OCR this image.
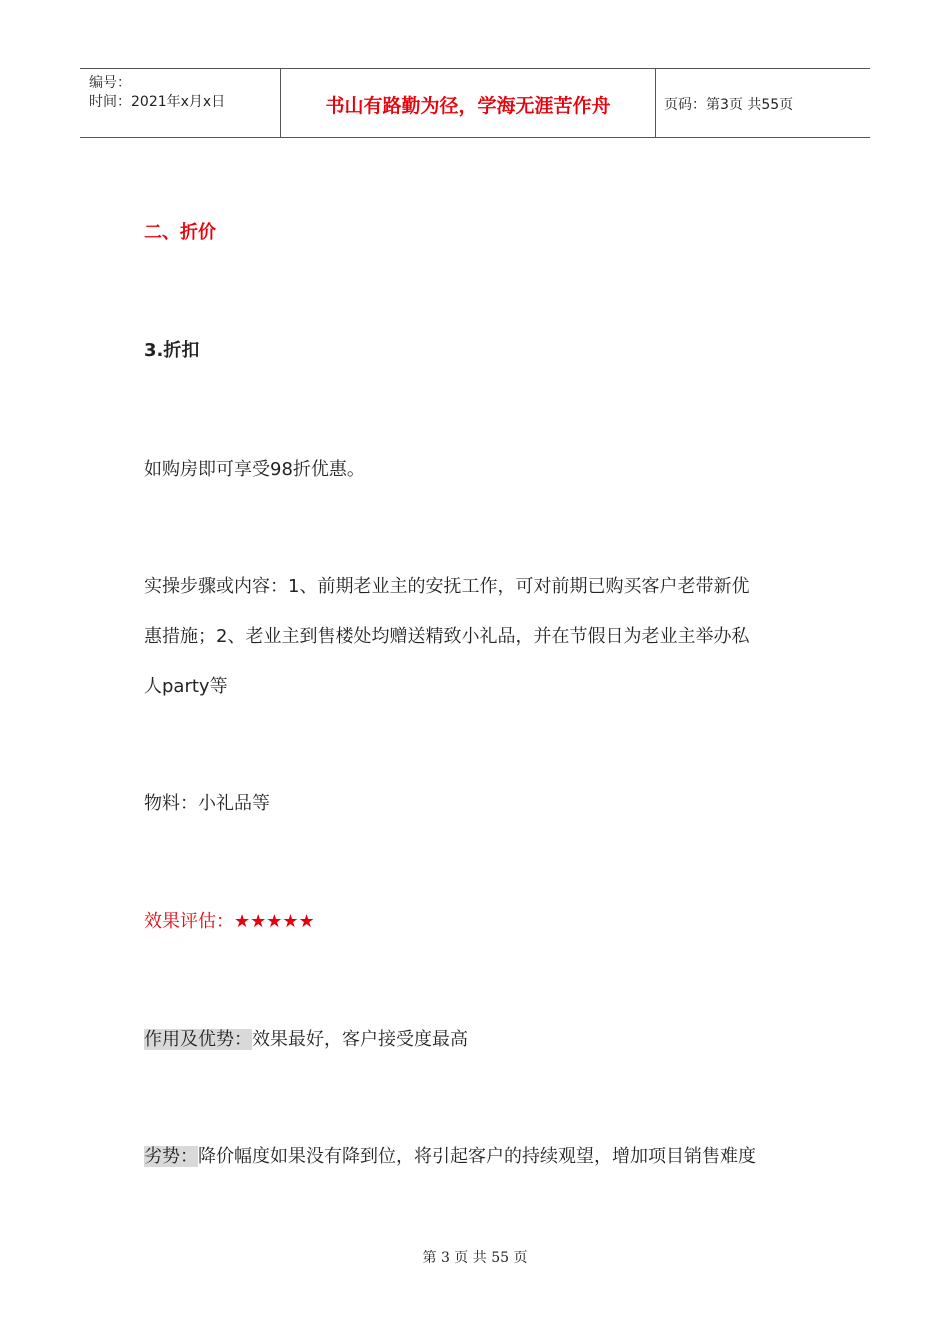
编号：
时间：2021年x月x日	书山有路勤为径，学海无涯苦作舟	页码：第3页 共55页
二、折价
3.折扣
如购房即可享受98折优惠。
实操步骤或内容：1、前期老业主的安抚工作，可对前期已购买客户老带新优
惠措施；2、老业主到售楼处均赠送精致小礼品，并在节假日为老业主举办私
人party等
物料：小礼品等
效果评估：★★★★★
作用及优势：效果最好，客户接受度最高
劣势：降价幅度如果没有降到位，将引起客户的持续观望，增加项目销售难度
第 3 页 共 55 页
